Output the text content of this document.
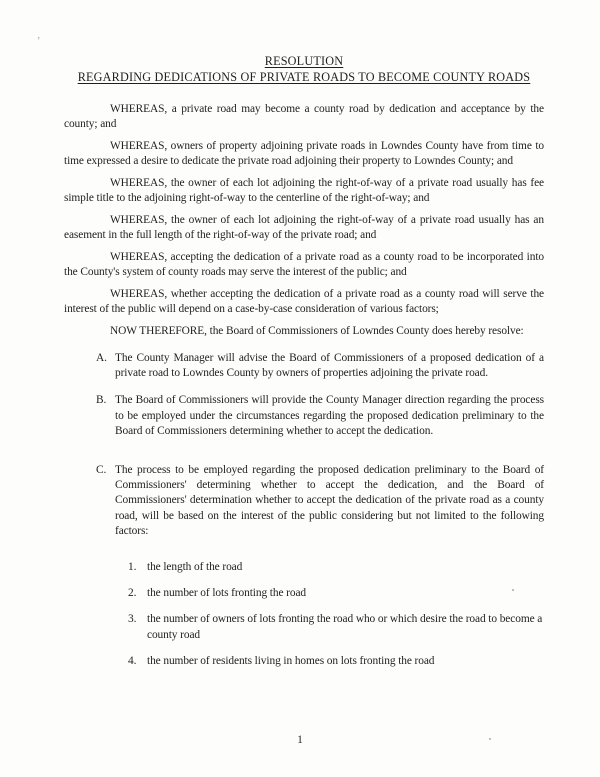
’
RESOLUTION
REGARDING DEDICATIONS OF PRIVATE ROADS TO BECOME COUNTY ROADS

WHEREAS, a private road may become a county road by dedication and acceptance by the county; and

WHEREAS, owners of property adjoining private roads in Lowndes County have from time to time expressed a desire to dedicate the private road adjoining their property to Lowndes County; and

WHEREAS, the owner of each lot adjoining the right-of-way of a private road usually has fee simple title to the adjoining right-of-way to the centerline of the right-of-way; and

WHEREAS, the owner of each lot adjoining the right-of-way of a private road usually has an easement in the full length of the right-of-way of the private road; and

WHEREAS, accepting the dedication of a private road as a county road to be incorporated into the County's system of county roads may serve the interest of the public; and

WHEREAS, whether accepting the dedication of a private road as a county road will serve the interest of the public will depend on a case-by-case consideration of various factors;

NOW THEREFORE, the Board of Commissioners of Lowndes County does hereby resolve:

A. The County Manager will advise the Board of Commissioners of a proposed dedication of a private road to Lowndes County by owners of properties adjoining the private road.
B. The Board of Commissioners will provide the County Manager direction regarding the process to be employed under the circumstances regarding the proposed dedication preliminary to the Board of Commissioners determining whether to accept the dedication.
C. The process to be employed regarding the proposed dedication preliminary to the Board of Commissioners' determining whether to accept the dedication, and the Board of Commissioners' determination whether to accept the dedication of the private road as a county road, will be based on the interest of the public considering but not limited to the following factors:
1. the length of the road
2. the number of lots fronting the road
3. the number of owners of lots fronting the road who or which desire the road to become a county road
4. the number of residents living in homes on lots fronting the road
1
